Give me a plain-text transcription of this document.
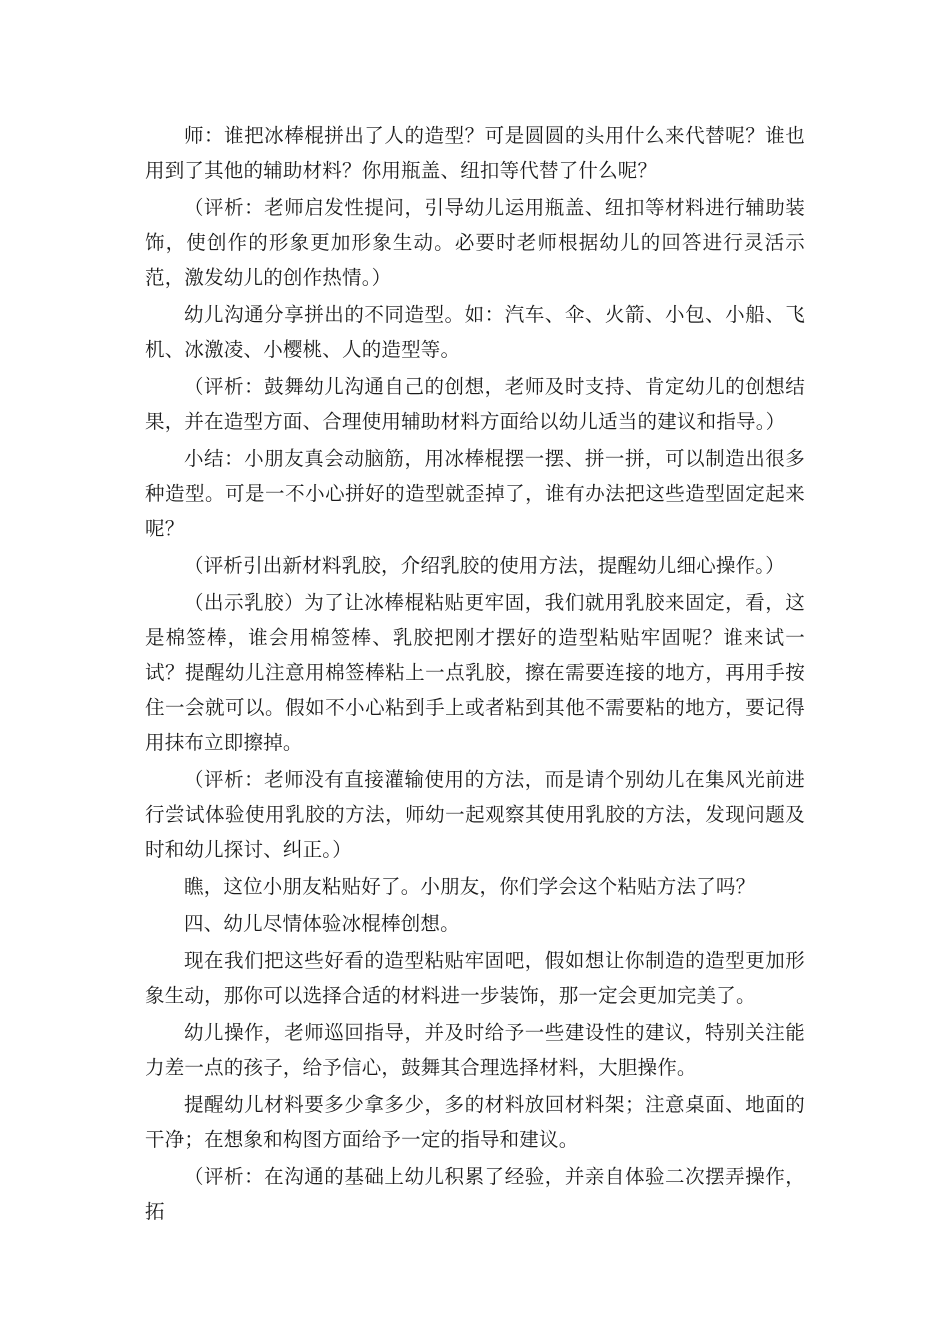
师：谁把冰棒棍拼出了人的造型？可是圆圆的头用什么来代替呢？谁也用到了其他的辅助材料？你用瓶盖、纽扣等代替了什么呢？

（评析：老师启发性提问，引导幼儿运用瓶盖、纽扣等材料进行辅助装饰，使创作的形象更加形象生动。必要时老师根据幼儿的回答进行灵活示范，激发幼儿的创作热情。）

幼儿沟通分享拼出的不同造型。如：汽车、伞、火箭、小包、小船、飞机、冰激凌、小樱桃、人的造型等。

（评析：鼓舞幼儿沟通自己的创想，老师及时支持、肯定幼儿的创想结果，并在造型方面、合理使用辅助材料方面给以幼儿适当的建议和指导。）

小结：小朋友真会动脑筋，用冰棒棍摆一摆、拼一拼，可以制造出很多种造型。可是一不小心拼好的造型就歪掉了，谁有办法把这些造型固定起来呢？

（评析引出新材料乳胶，介绍乳胶的使用方法，提醒幼儿细心操作。）

（出示乳胶）为了让冰棒棍粘贴更牢固，我们就用乳胶来固定，看，这是棉签棒，谁会用棉签棒、乳胶把刚才摆好的造型粘贴牢固呢？谁来试一试？提醒幼儿注意用棉签棒粘上一点乳胶，擦在需要连接的地方，再用手按住一会就可以。假如不小心粘到手上或者粘到其他不需要粘的地方，要记得用抹布立即擦掉。

（评析：老师没有直接灌输使用的方法，而是请个别幼儿在集风光前进行尝试体验使用乳胶的方法，师幼一起观察其使用乳胶的方法，发现问题及时和幼儿探讨、纠正。）

瞧，这位小朋友粘贴好了。小朋友，你们学会这个粘贴方法了吗？

四、幼儿尽情体验冰棍棒创想。

现在我们把这些好看的造型粘贴牢固吧，假如想让你制造的造型更加形象生动，那你可以选择合适的材料进一步装饰，那一定会更加完美了。

幼儿操作，老师巡回指导，并及时给予一些建设性的建议，特别关注能力差一点的孩子，给予信心，鼓舞其合理选择材料，大胆操作。

提醒幼儿材料要多少拿多少，多的材料放回材料架；注意桌面、地面的干净；在想象和构图方面给予一定的指导和建议。

（评析：在沟通的基础上幼儿积累了经验，并亲自体验二次摆弄操作，拓
